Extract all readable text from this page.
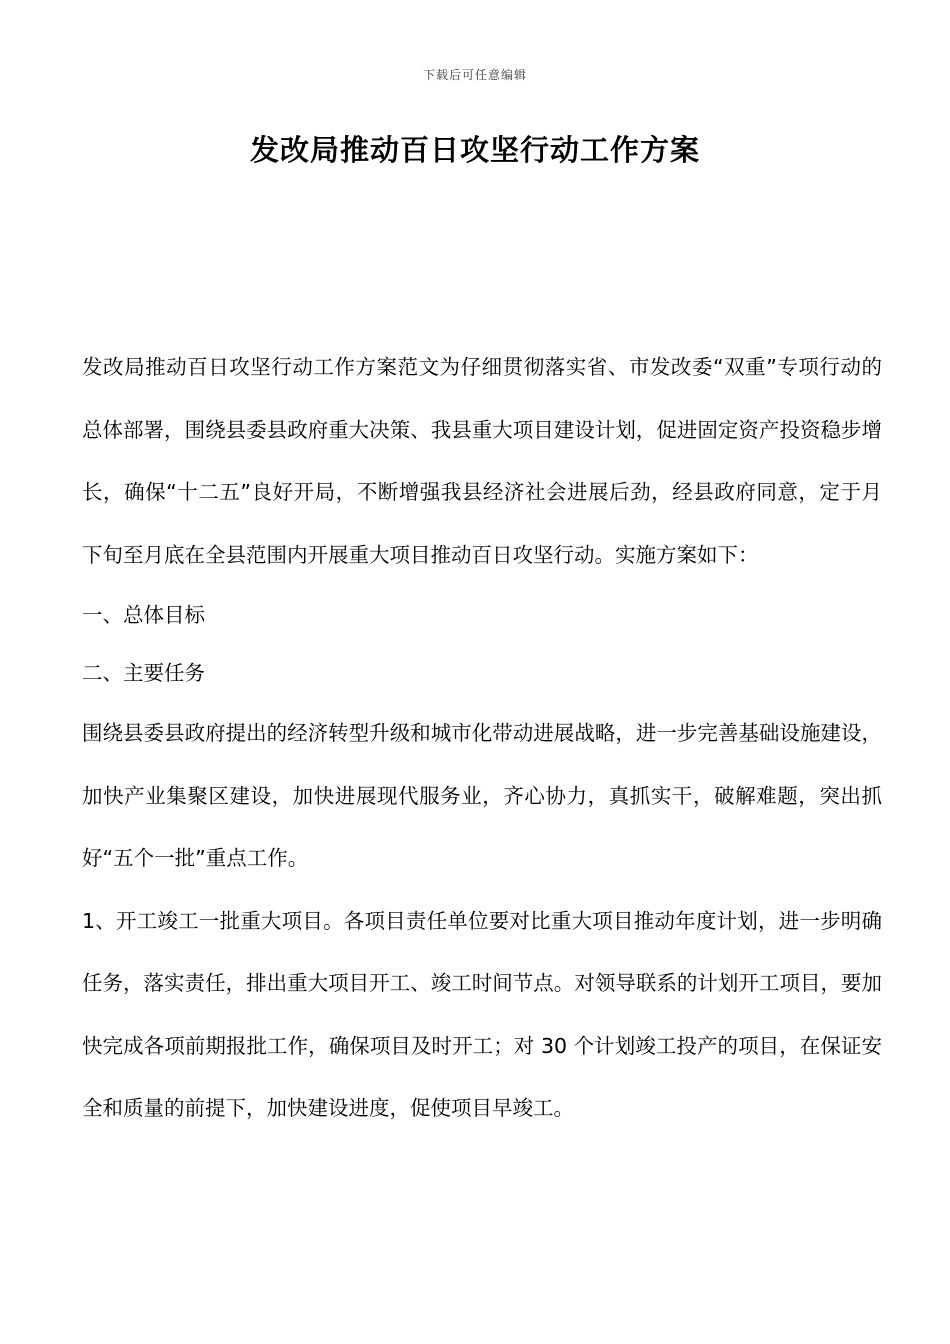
下载后可任意编辑
发改局推动百日攻坚行动工作方案

发改局推动百日攻坚行动工作方案范文为仔细贯彻落实省、市发改委“双重”专项行动的总体部署，围绕县委县政府重大决策、我县重大项目建设计划，促进固定资产投资稳步增长，确保“十二五”良好开局，不断增强我县经济社会进展后劲，经县政府同意，定于月下旬至月底在全县范围内开展重大项目推动百日攻坚行动。实施方案如下：

一、总体目标

二、主要任务

围绕县委县政府提出的经济转型升级和城市化带动进展战略，进一步完善基础设施建设，加快产业集聚区建设，加快进展现代服务业，齐心协力，真抓实干，破解难题，突出抓好“五个一批”重点工作。

1、开工竣工一批重大项目。各项目责任单位要对比重大项目推动年度计划，进一步明确任务，落实责任，排出重大项目开工、竣工时间节点。对领导联系的计划开工项目，要加快完成各项前期报批工作，确保项目及时开工；对 30 个计划竣工投产的项目，在保证安全和质量的前提下，加快建设进度，促使项目早竣工。
